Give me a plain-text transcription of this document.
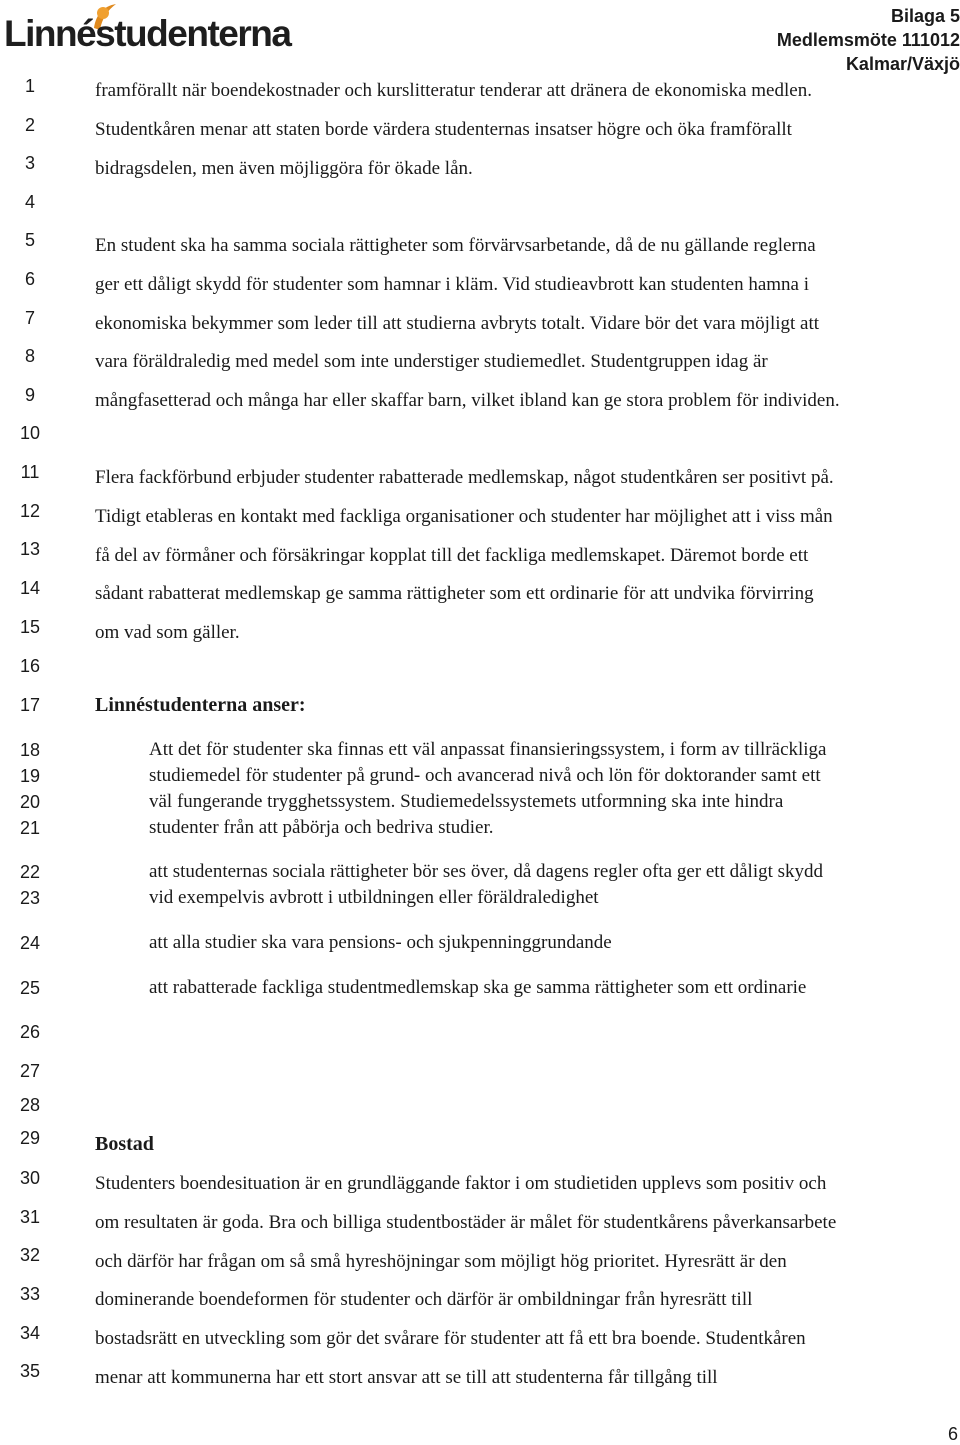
Linnéstudenterna	Bilaga 5
Medlemsmöte 111012
Kalmar/Växjö
1
2
3
4
5
6
7
8
9
10
11
12
13
14
15
16
17
18
19
20
21
22
23
24
25
26
27
28
29
30
31
32
33
34
35
framförallt när boendekostnader och kurslitteratur tenderar att dränera de ekonomiska medlen.
Studentkåren menar att staten borde värdera studenternas insatser högre och öka framförallt
bidragsdelen, men även möjliggöra för ökade lån.
En student ska ha samma sociala rättigheter som förvärvsarbetande, då de nu gällande reglerna
ger ett dåligt skydd för studenter som hamnar i kläm. Vid studieavbrott kan studenten hamna i
ekonomiska bekymmer som leder till att studierna avbryts totalt. Vidare bör det vara möjligt att
vara föräldraledig med medel som inte understiger studiemedlet. Studentgruppen idag är
mångfasetterad och många har eller skaffar barn, vilket ibland kan ge stora problem för individen.
Flera fackförbund erbjuder studenter rabatterade medlemskap, något studentkåren ser positivt på.
Tidigt etableras en kontakt med fackliga organisationer och studenter har möjlighet att i viss mån
få del av förmåner och försäkringar kopplat till det fackliga medlemskapet. Däremot borde ett
sådant rabatterat medlemskap ge samma rättigheter som ett ordinarie för att undvika förvirring
om vad som gäller.
Linnéstudenterna anser:
Att det för studenter ska finnas ett väl anpassat finansieringssystem, i form av tillräckliga
studiemedel för studenter på grund- och avancerad nivå och lön för doktorander samt ett
väl fungerande trygghetssystem. Studiemedelssystemets utformning ska inte hindra
studenter från att påbörja och bedriva studier.
att studenternas sociala rättigheter bör ses över, då dagens regler ofta ger ett dåligt skydd
vid exempelvis avbrott i utbildningen eller föräldraledighet
att alla studier ska vara pensions- och sjukpenninggrundande
att rabatterade fackliga studentmedlemskap ska ge samma rättigheter som ett ordinarie
Bostad
Studenters boendesituation är en grundläggande faktor i om studietiden upplevs som positiv och
om resultaten är goda. Bra och billiga studentbostäder är målet för studentkårens påverkansarbete
och därför har frågan om så små hyreshöjningar som möjligt hög prioritet. Hyresrätt är den
dominerande boendeformen för studenter och därför är ombildningar från hyresrätt till
bostadsrätt en utveckling som gör det svårare för studenter att få ett bra boende. Studentkåren
menar att kommunerna har ett stort ansvar att se till att studenterna får tillgång till
6
